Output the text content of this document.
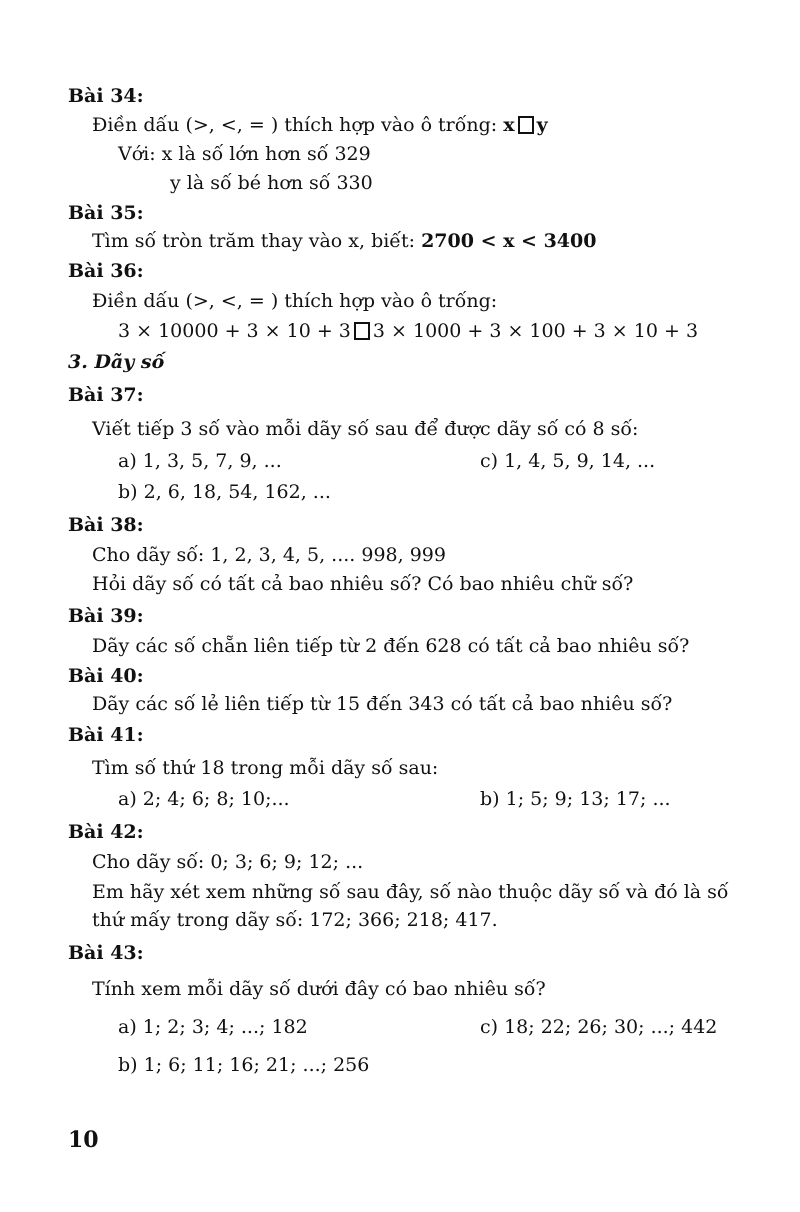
Bài 34:
Điền dấu (>, <, = ) thích hợp vào ô trống: x y
Với: x là số lớn hơn số 329
y là số bé hơn số 330
Bài 35:
Tìm số tròn trăm thay vào x, biết: 2700 < x < 3400
Bài 36:
Điền dấu (>, <, = ) thích hợp vào ô trống:
3 × 10000 + 3 × 10 + 3 3 × 1000 + 3 × 100 + 3 × 10 + 3
3. Dãy số
Bài 37:
Viết tiếp 3 số vào mỗi dãy số sau để được dãy số có 8 số:
a) 1, 3, 5, 7, 9, ...	c) 1, 4, 5, 9, 14, ...
b) 2, 6, 18, 54, 162, ...
Bài 38:
Cho dãy số: 1, 2, 3, 4, 5, .... 998, 999
Hỏi dãy số có tất cả bao nhiêu số? Có bao nhiêu chữ số?
Bài 39:
Dãy các số chẵn liên tiếp từ 2 đến 628 có tất cả bao nhiêu số?
Bài 40:
Dãy các số lẻ liên tiếp từ 15 đến 343 có tất cả bao nhiêu số?
Bài 41:
Tìm số thứ 18 trong mỗi dãy số sau:
a) 2; 4; 6; 8; 10;...	b) 1; 5; 9; 13; 17; ...
Bài 42:
Cho dãy số: 0; 3; 6; 9; 12; ...
Em hãy xét xem những số sau đây, số nào thuộc dãy số và đó là số
thứ mấy trong dãy số: 172; 366; 218; 417.
Bài 43:
Tính xem mỗi dãy số dưới đây có bao nhiêu số?
a) 1; 2; 3; 4; ...; 182	c) 18; 22; 26; 30; ...; 442
b) 1; 6; 11; 16; 21; ...; 256
10
